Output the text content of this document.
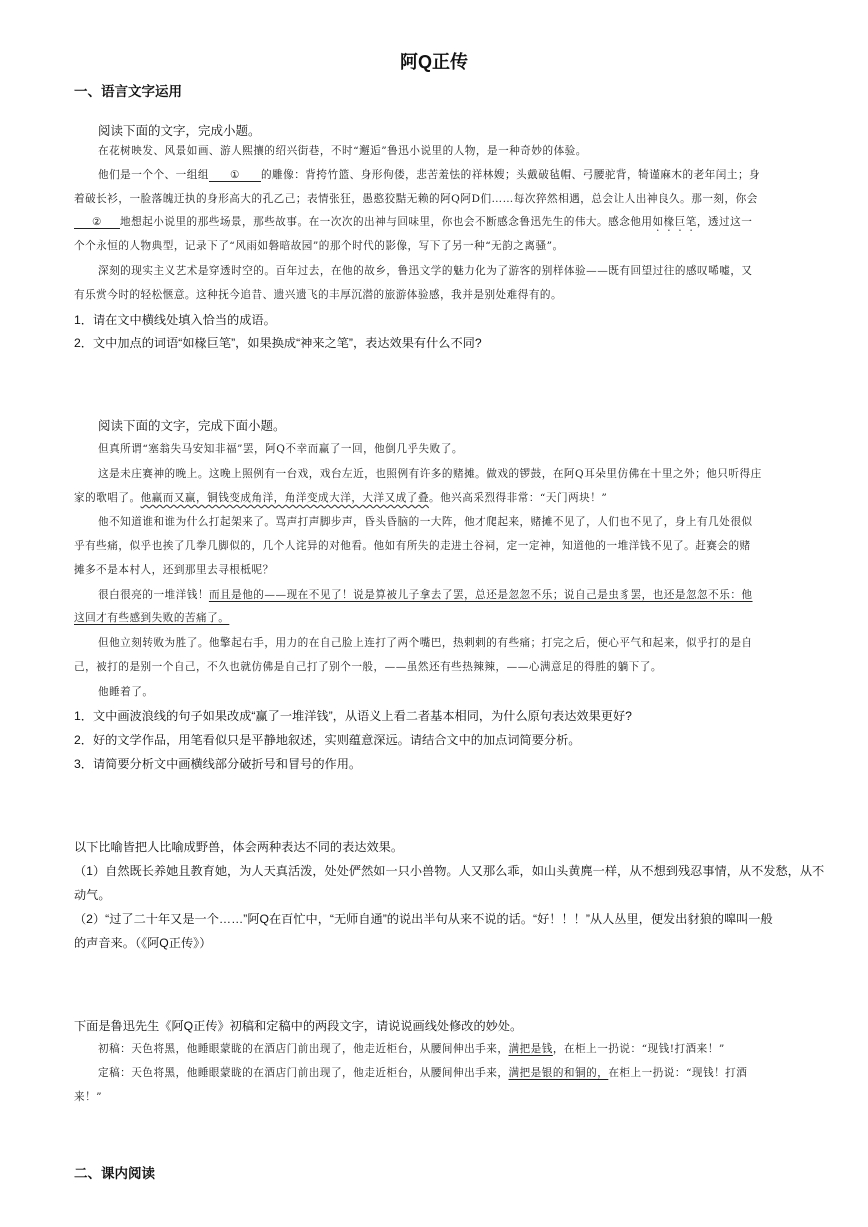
阿Q正传
一、语言文字运用
阅读下面的文字，完成小题。
在花树映发、风景如画、游人熙攘的绍兴街巷，不时“邂逅”鲁迅小说里的人物，是一种奇妙的体验。
他们是一个个、一组组 ① 的雕像：背挎竹篮、身形佝偻，悲苦羞怯的祥林嫂；头戴破毡帽、弓腰驼背，犄谨麻木的老年闰土；身
着破长衫，一脸落魄迂执的身形高大的孔乙己；表情张狂，愚憨狡黠无赖的阿Q阿D们……每次猝然相遇，总会让人出神良久。那一刻，你会
② 地想起小说里的那些场景，那些故事。在一次次的出神与回味里，你也会不断感念鲁迅先生的伟大。感念他用如椽巨笔，透过这一
个个永恒的人物典型，记录下了“风雨如磐暗故园”的那个时代的影像，写下了另一种“无韵之离骚”。
深刻的现实主义艺术是穿透时空的。百年过去，在他的故乡，鲁迅文学的魅力化为了游客的别样体验——既有回望过往的感叹唏嘘，又
有乐赏今时的轻松惬意。这种抚今追昔、遗兴遗飞的丰厚沉潜的旅游体验感，我并是别处难得有的。
1．请在文中横线处填入恰当的成语。
2．文中加点的词语“如椽巨笔”，如果换成“神来之笔”，表达效果有什么不同?
阅读下面的文字，完成下面小题。
但真所谓“塞翁失马安知非福”罢，阿Q不幸而赢了一回，他倒几乎失败了。
这是未庄赛神的晚上。这晚上照例有一台戏，戏台左近，也照例有许多的赌摊。做戏的锣鼓，在阿Q耳朵里仿佛在十里之外；他只听得庄
家的歌唱了。他赢而又赢，铜钱变成角洋，角洋变成大洋，大洋又成了叠。他兴高采烈得非常：“天门两块！”
他不知道谁和谁为什么打起架来了。骂声打声脚步声，昏头昏脑的一大阵，他才爬起来，赌摊不见了，人们也不见了，身上有几处很似
乎有些痛，似乎也挨了几拳几脚似的，几个人诧异的对他看。他如有所失的走进土谷祠，定一定神，知道他的一堆洋钱不见了。赶赛会的赌
摊多不是本村人，还到那里去寻根柢呢？
很白很亮的一堆洋钱！而且是他的——现在不见了！说是算被儿子拿去了罢，总还是忽忽不乐；说自己是虫豸罢，也还是忽忽不乐：他
这回才有些感到失败的苦痛了。
但他立刻转败为胜了。他擎起右手，用力的在自己脸上连打了两个嘴巴，热剌剌的有些痛；打完之后，便心平气和起来，似乎打的是自
己，被打的是别一个自己，不久也就仿佛是自己打了别个一般，——虽然还有些热辣辣，——心满意足的得胜的躺下了。
他睡着了。
1．文中画波浪线的句子如果改成“赢了一堆洋钱”，从语义上看二者基本相同，为什么原句表达效果更好?
2．好的文学作品，用笔看似只是平静地叙述，实则蕴意深远。请结合文中的加点词简要分析。
3．请简要分析文中画横线部分破折号和冒号的作用。
以下比喻皆把人比喻成野兽，体会两种表达不同的表达效果。
（1）自然既长养她且教育她，为人天真活泼，处处俨然如一只小兽物。人又那么乖，如山头黄麂一样，从不想到残忍事情，从不发愁，从不
动气。
（2）“过了二十年又是一个……”阿Q在百忙中，“无师自通”的说出半句从来不说的话。“好！！！”从人丛里，便发出豺狼的嗥叫一般
的声音来。（《阿Q正传》）
下面是鲁迅先生《阿Q正传》初稿和定稿中的两段文字，请说说画线处修改的妙处。
初稿：天色将黑，他睡眼蒙眬的在酒店门前出现了，他走近柜台，从腰间伸出手来，满把是钱，在柜上一扔说：“现钱!打酒来！”
定稿：天色将黑，他睡眼蒙眬的在酒店门前出现了，他走近柜台，从腰间伸出手来，满把是银的和铜的，在柜上一扔说：“现钱！打酒
来！”
二、课内阅读
